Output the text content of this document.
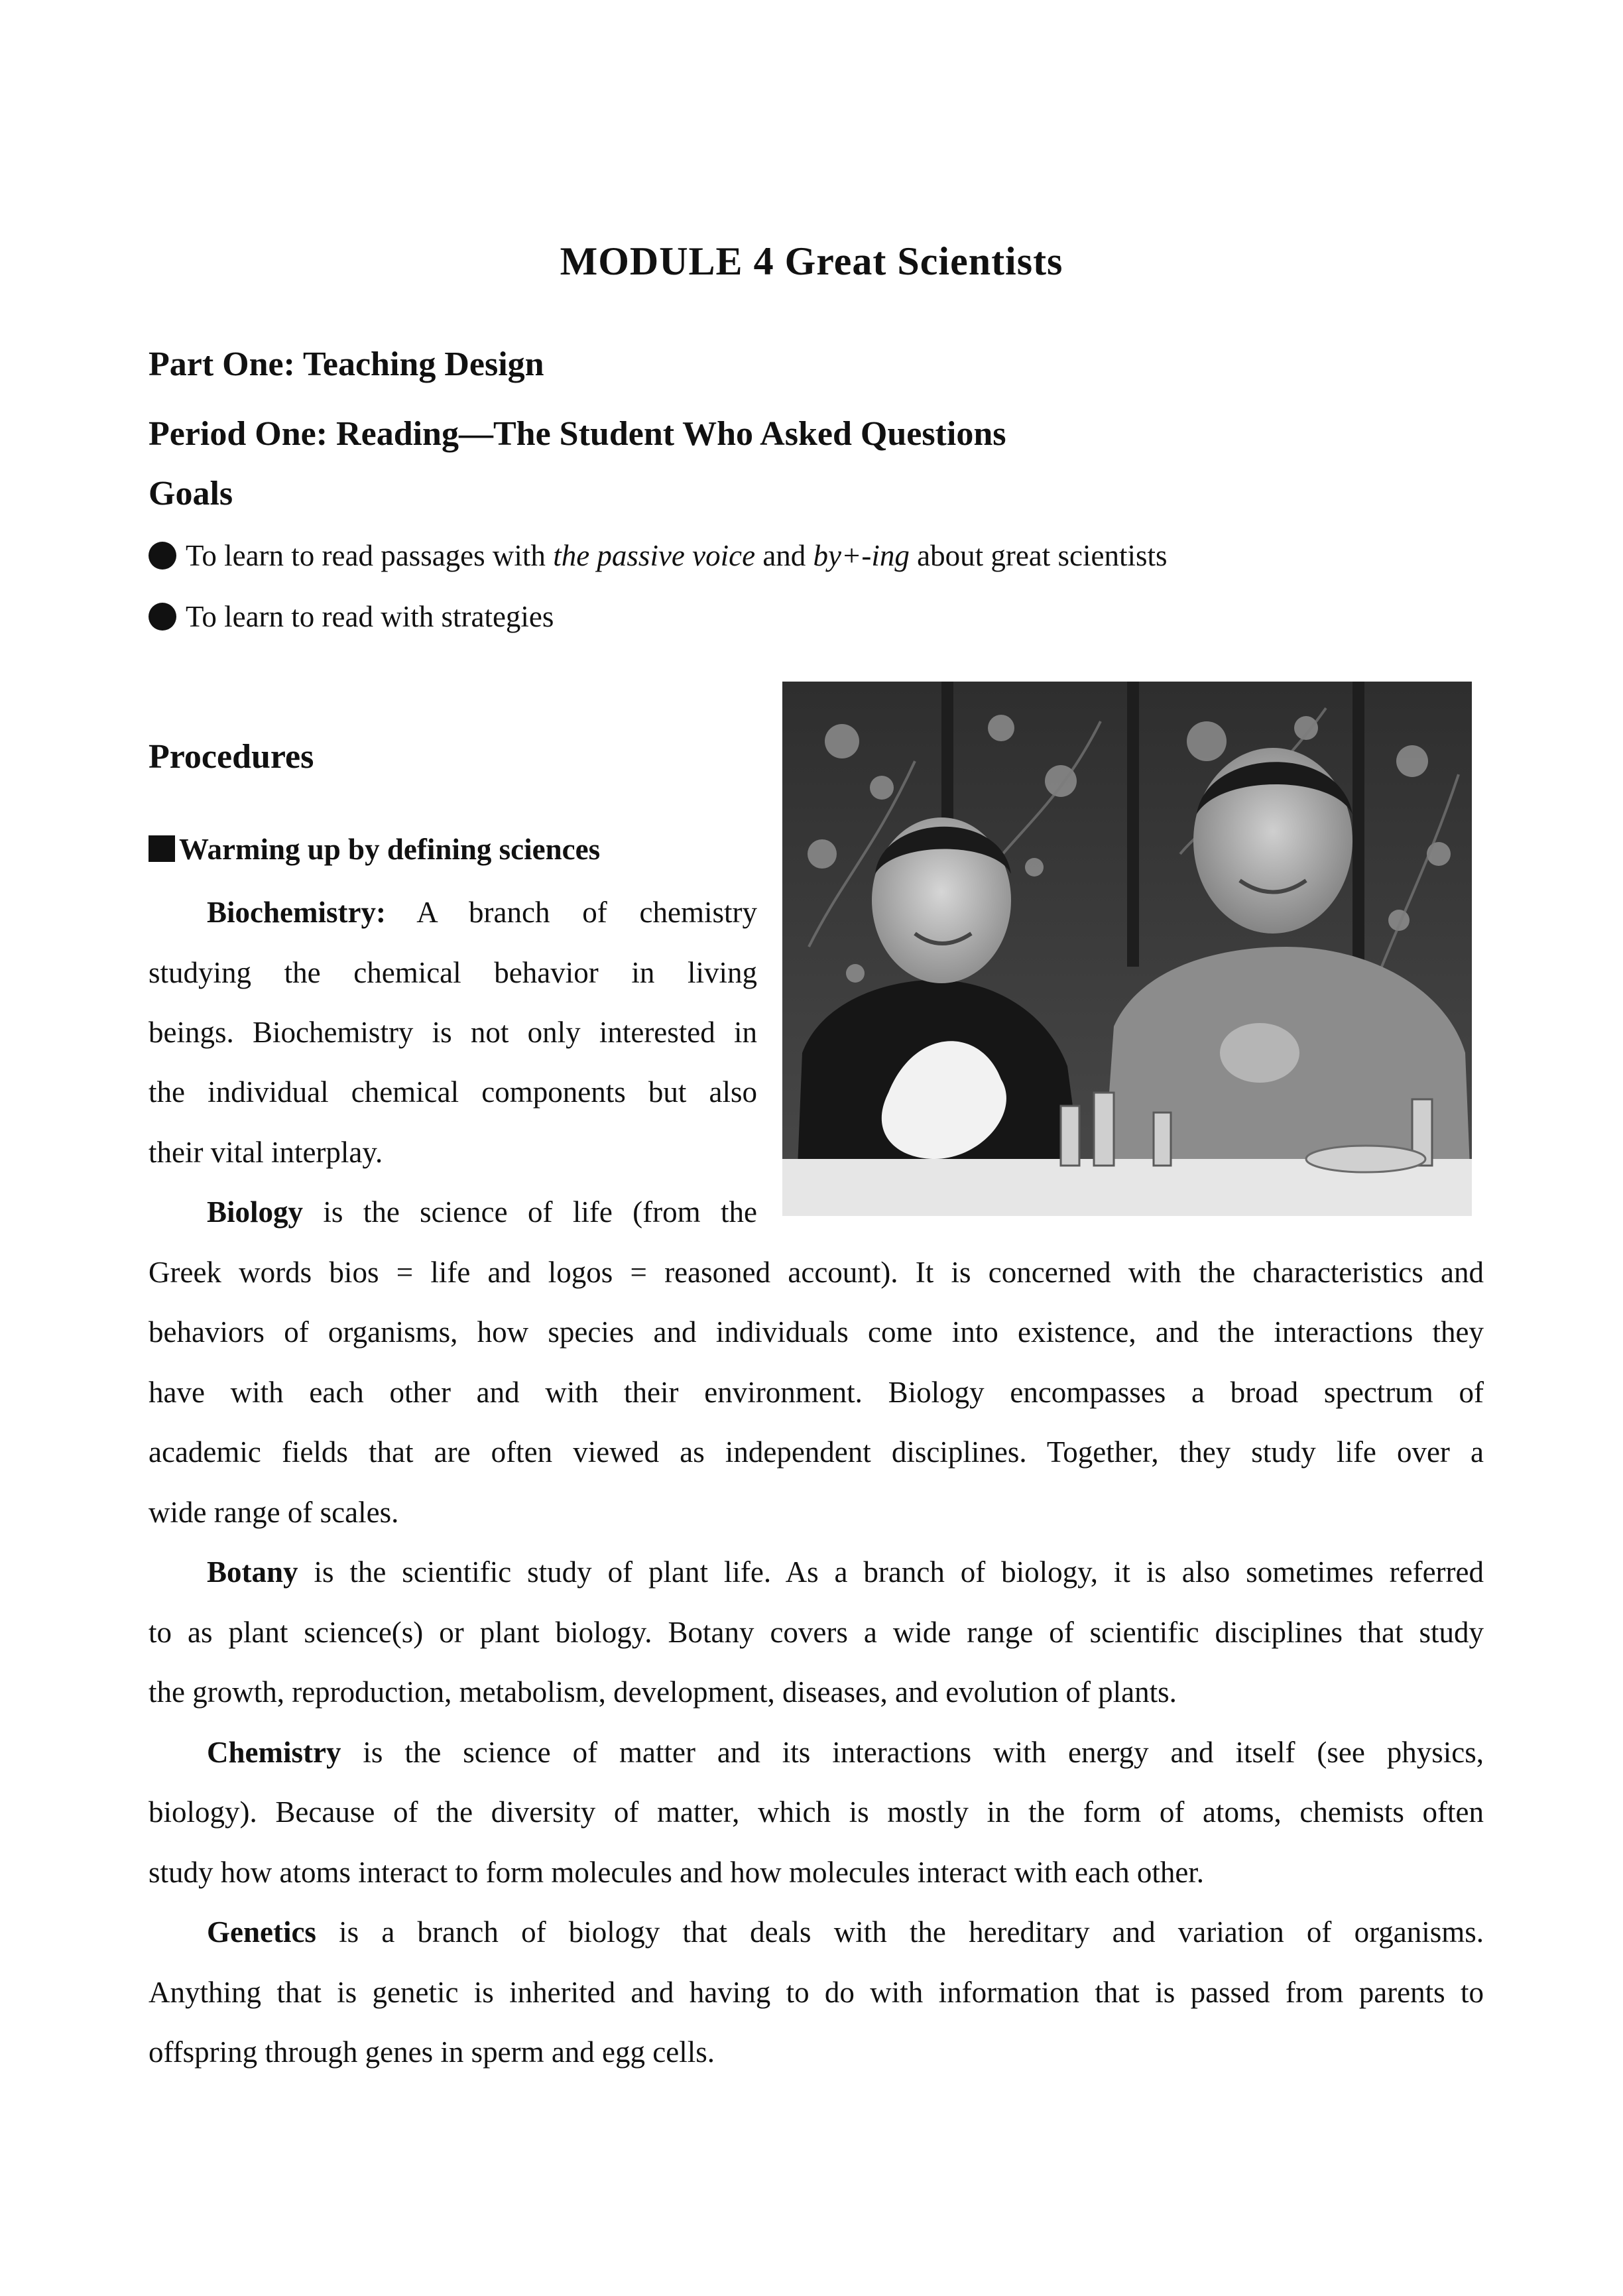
MODULE 4 Great Scientists
Part One: Teaching Design
Period One: Reading—The Student Who Asked Questions
Goals
To learn to read passages with the passive voice and by+-ing about great scientists
To learn to read with strategies
Procedures
Warming up by defining sciences
Biochemistry: A branch of chemistry
studying the chemical behavior in living
beings. Biochemistry is not only interested in
the individual chemical components but also
their vital interplay.
Biology is the science of life (from the
Greek words bios = life and logos = reasoned account). It is concerned with the characteristics and
behaviors of organisms, how species and individuals come into existence, and the interactions they
have with each other and with their environment. Biology encompasses a broad spectrum of
academic fields that are often viewed as independent disciplines. Together, they study life over a
wide range of scales.
Botany is the scientific study of plant life. As a branch of biology, it is also sometimes referred
to as plant science(s) or plant biology. Botany covers a wide range of scientific disciplines that study
the growth, reproduction, metabolism, development, diseases, and evolution of plants.
Chemistry is the science of matter and its interactions with energy and itself (see physics,
biology). Because of the diversity of matter, which is mostly in the form of atoms, chemists often
study how atoms interact to form molecules and how molecules interact with each other.
Genetics is a branch of biology that deals with the hereditary and variation of organisms.
Anything that is genetic is inherited and having to do with information that is passed from parents to
offspring through genes in sperm and egg cells.
